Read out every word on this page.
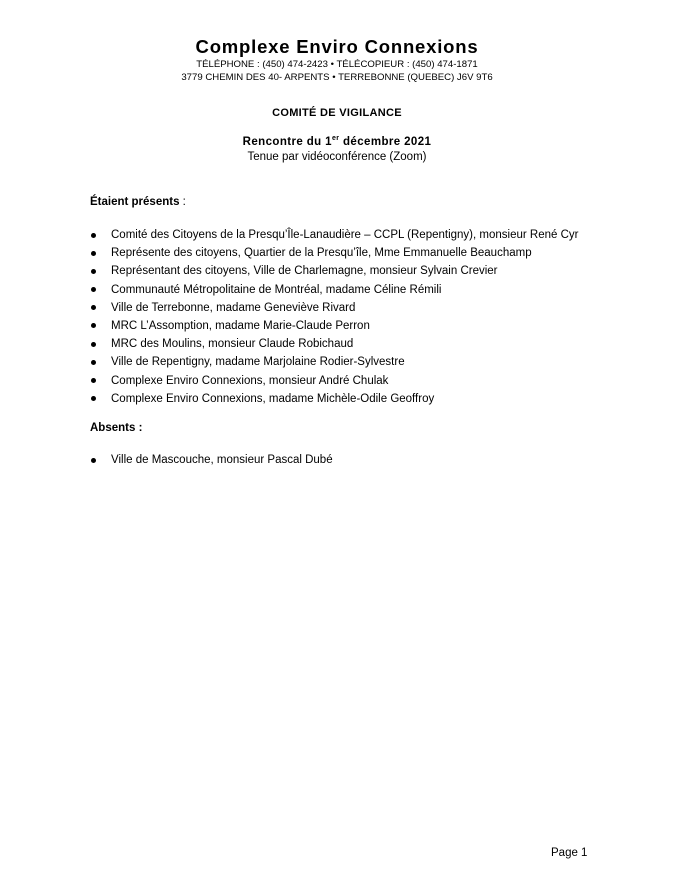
Complexe Enviro Connexions

TÉLÉPHONE : (450) 474-2423 • TÉLÉCOPIEUR : (450) 474-1871

3779 CHEMIN DES 40- ARPENTS • TERREBONNE (QUEBEC) J6V 9T6

COMITÉ DE VIGILANCE
Rencontre du 1er décembre 2021
Tenue par vidéoconférence (Zoom)
Étaient présents :
Comité des Citoyens de la Presqu’Île-Lanaudière – CCPL (Repentigny), monsieur René Cyr
Représente des citoyens, Quartier de la Presqu’île, Mme Emmanuelle Beauchamp
Représentant des citoyens, Ville de Charlemagne, monsieur Sylvain Crevier
Communauté Métropolitaine de Montréal, madame Céline Rémili
Ville de Terrebonne, madame Geneviève Rivard
MRC L’Assomption, madame Marie-Claude Perron
MRC des Moulins, monsieur Claude Robichaud
Ville de Repentigny, madame Marjolaine Rodier-Sylvestre
Complexe Enviro Connexions, monsieur André Chulak
Complexe Enviro Connexions, madame Michèle-Odile Geoffroy
Absents :
Ville de Mascouche, monsieur Pascal Dubé
Page 1
